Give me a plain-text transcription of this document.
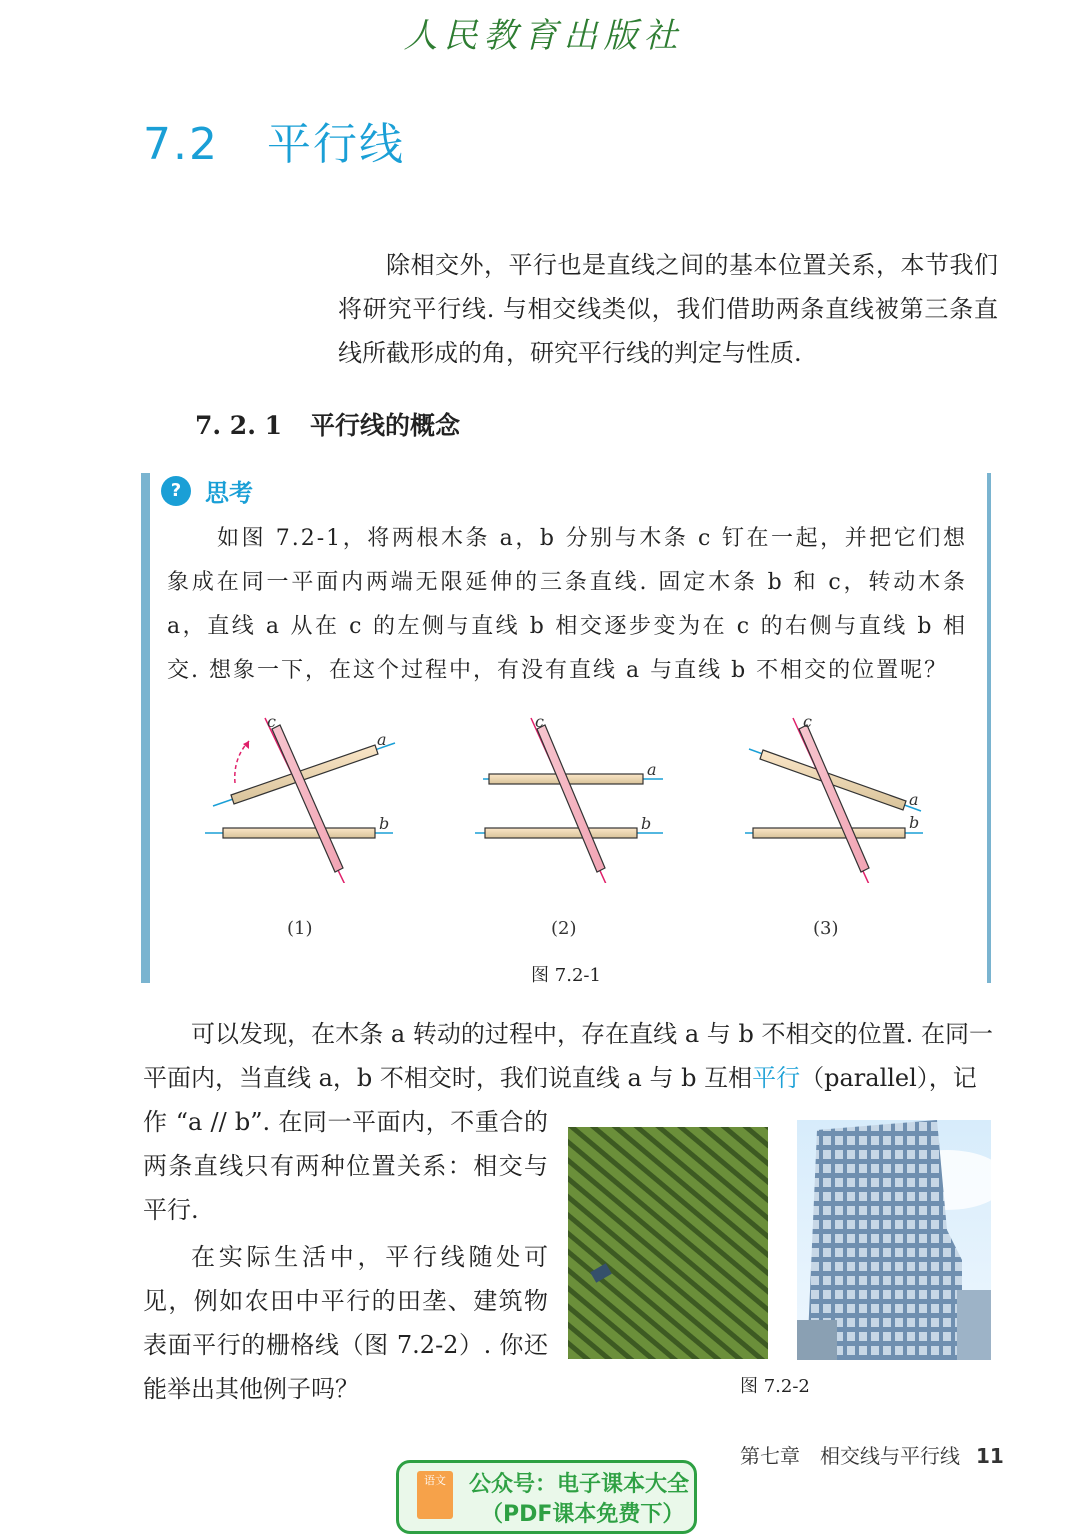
人民教育出版社
7.2 平行线
除相交外，平行也是直线之间的基本位置关系，本节我们将研究平行线. 与相交线类似，我们借助两条直线被第三条直线所截形成的角，研究平行线的判定与性质.
7. 2. 1 平行线的概念
? 思考
如图 7.2-1，将两根木条 a，b 分别与木条 c 钉在一起，并把它们想象成在同一平面内两端无限延伸的三条直线. 固定木条 b 和 c，转动木条 a，直线 a 从在 c 的左侧与直线 b 相交逐步变为在 c 的右侧与直线 b 相交. 想象一下，在这个过程中，有没有直线 a 与直线 b 不相交的位置呢？
c
a
b
c
a
b
c
a
b
(1)	(2)	(3)
图 7.2-1
可以发现，在木条 a 转动的过程中，存在直线 a 与 b 不相交的位置. 在同一平面内，当直线 a，b 不相交时，我们说直线 a 与 b 互相平行（parallel），记
作 “a // b”. 在同一平面内，不重合的两条直线只有两种位置关系：相交与平行.
在实际生活中，平行线随处可见，例如农田中平行的田垄、建筑物表面平行的栅格线（图 7.2-2）. 你还能举出其他例子吗？	图 7.2-2
第七章　相交线与平行线 11
语文	公众号：电子课本大全
（PDF课本免费下）
